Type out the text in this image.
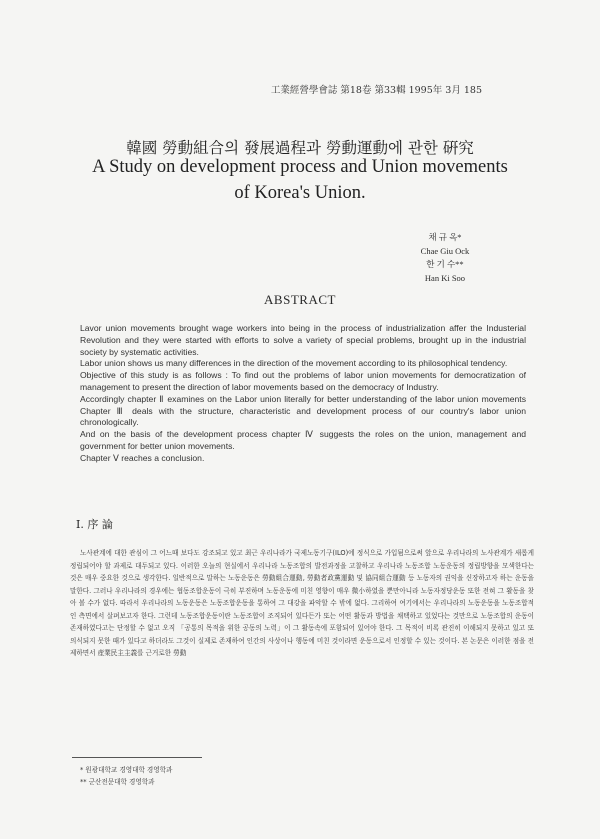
工業經營學會誌 第18卷 第33輯 1995年 3月 185
韓國 勞動組合의 發展過程과 勞動運動에 관한 硏究
A Study on development process and Union movements
of Korea's Union.
채 규 옥*
Chae Giu Ock
한 기 수**
Han Ki Soo
ABSTRACT

Lavor union movements brought wage workers into being in the process of industrialization affer the Industerial Revolution and they were started with efforts to solve a variety of special problems, brought up in the industrial society by systematic activities.

Labor union shows us many differences in the direction of the movement according to its philosophical tendency.

Objective of this study is as follows : To find out the problems of labor union movements for democratization of management to present the direction of labor movements based on the democracy of Industry.

Accordingly chapter Ⅱ examines on the Labor union literally for better understanding of the labor union movements Chapter Ⅲ deals with the structure, characteristic and development process of our country's labor union chronologically.

And on the basis of the development process chapter Ⅳ suggests the roles on the union, management and government for better union movements.

Chapter Ⅴ reaches a conclusion.

Ⅰ. 序 論
노사관계에 대한 관심이 그 어느때 보다도 강조되고 있고 최근 우리나라가 국제노동기구(ILO)에 정식으로 가입됨으로써 앞으로 우리나라의 노사관계가 새롭게 정립되어야 할 과제로 대두되고 있다. 이러한 오늘의 현실에서 우리나라 노동조합의 발전과정을 고찰하고 우리나라 노동조합 노동운동의 정립방향을 모색한다는 것은 매우 중요한 것으로 생각한다. 일반적으로 말하는 노동운동은 勞動組合運動, 勞動者政黨運動 및 協同組合運動 등 노동자의 권익을 신장하고자 하는 운동을 말한다. 그러나 우리나라의 경우에는 협동조합운동이 극히 부진하며 노동운동에 미친 영향이 매우 微小하였을 뿐만아니라 노동자정당운동 또한 전혀 그 활동을 찾아 볼 수가 없다. 따라서 우리나라의 노동운동은 노동조합운동을 통하여 그 대강을 파악할 수 밖에 없다. 그리하여 여기에서는 우리나라의 노동운동을 노동조합적인 측면에서 살펴보고자 한다. 그런데 노동조합운동이란 노동조합이 조직되어 있다든가 또는 어떤 활동과 방법을 채택하고 있었다는 것만으로 노동조합의 운동이 존재하였다고는 단정할 수 없고 오직 「공통의 목적을 위한 공동의 노력」이 그 활동속에 포함되어 있어야 한다. 그 목적이 비록 관진히 이해되지 못하고 있고 또 의식되지 못한 때가 있다고 하더라도 그것이 실제로 존재하여 인간의 사상이나 행동에 미친 것이라면 운동으로서 인정할 수 있는 것이다. 본 논문은 이러한 점을 전제하면서 産業民主主義를 근거로한 勞動
* 원광대학교 경영대학 경영학과
** 군산전문대학 경영학과
